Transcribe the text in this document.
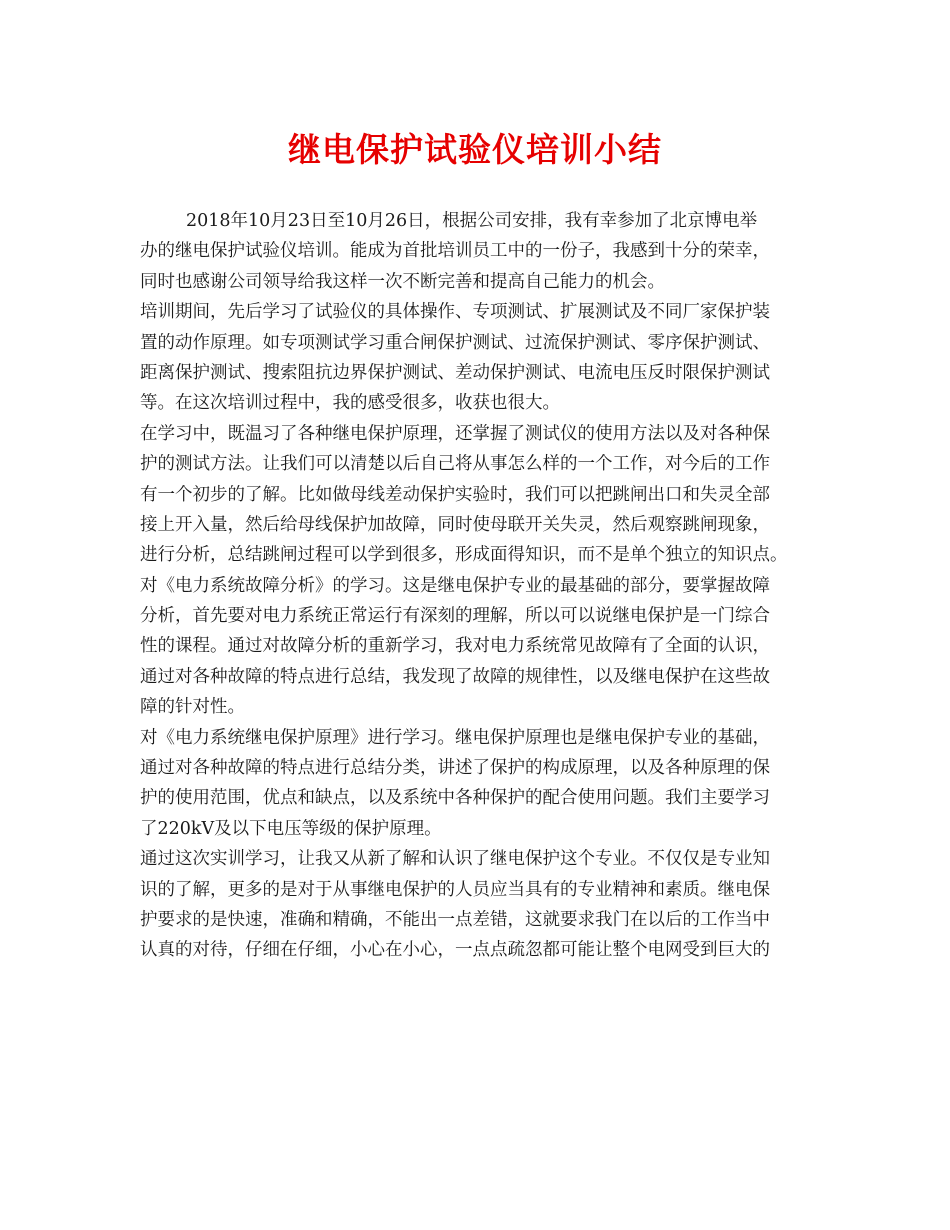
继电保护试验仪培训小结
2018年10月23日至10月26日，根据公司安排，我有幸参加了北京博电举
办的继电保护试验仪培训。能成为首批培训员工中的一份子，我感到十分的荣幸，
同时也感谢公司领导给我这样一次不断完善和提高自己能力的机会。
培训期间，先后学习了试验仪的具体操作、专项测试、扩展测试及不同厂家保护装
置的动作原理。如专项测试学习重合闸保护测试、过流保护测试、零序保护测试、
距离保护测试、搜索阻抗边界保护测试、差动保护测试、电流电压反时限保护测试
等。在这次培训过程中，我的感受很多，收获也很大。
在学习中，既温习了各种继电保护原理，还掌握了测试仪的使用方法以及对各种保
护的测试方法。让我们可以清楚以后自己将从事怎么样的一个工作，对今后的工作
有一个初步的了解。比如做母线差动保护实验时，我们可以把跳闸出口和失灵全部
接上开入量，然后给母线保护加故障，同时使母联开关失灵，然后观察跳闸现象，
进行分析，总结跳闸过程可以学到很多，形成面得知识，而不是单个独立的知识点。
对《电力系统故障分析》的学习。这是继电保护专业的最基础的部分，要掌握故障
分析，首先要对电力系统正常运行有深刻的理解，所以可以说继电保护是一门综合
性的课程。通过对故障分析的重新学习，我对电力系统常见故障有了全面的认识，
通过对各种故障的特点进行总结，我发现了故障的规律性，以及继电保护在这些故
障的针对性。
对《电力系统继电保护原理》进行学习。继电保护原理也是继电保护专业的基础，
通过对各种故障的特点进行总结分类，讲述了保护的构成原理，以及各种原理的保
护的使用范围，优点和缺点，以及系统中各种保护的配合使用问题。我们主要学习
了220kV及以下电压等级的保护原理。
通过这次实训学习，让我又从新了解和认识了继电保护这个专业。不仅仅是专业知
识的了解，更多的是对于从事继电保护的人员应当具有的专业精神和素质。继电保
护要求的是快速，准确和精确，不能出一点差错，这就要求我门在以后的工作当中
认真的对待，仔细在仔细，小心在小心，一点点疏忽都可能让整个电网受到巨大的
